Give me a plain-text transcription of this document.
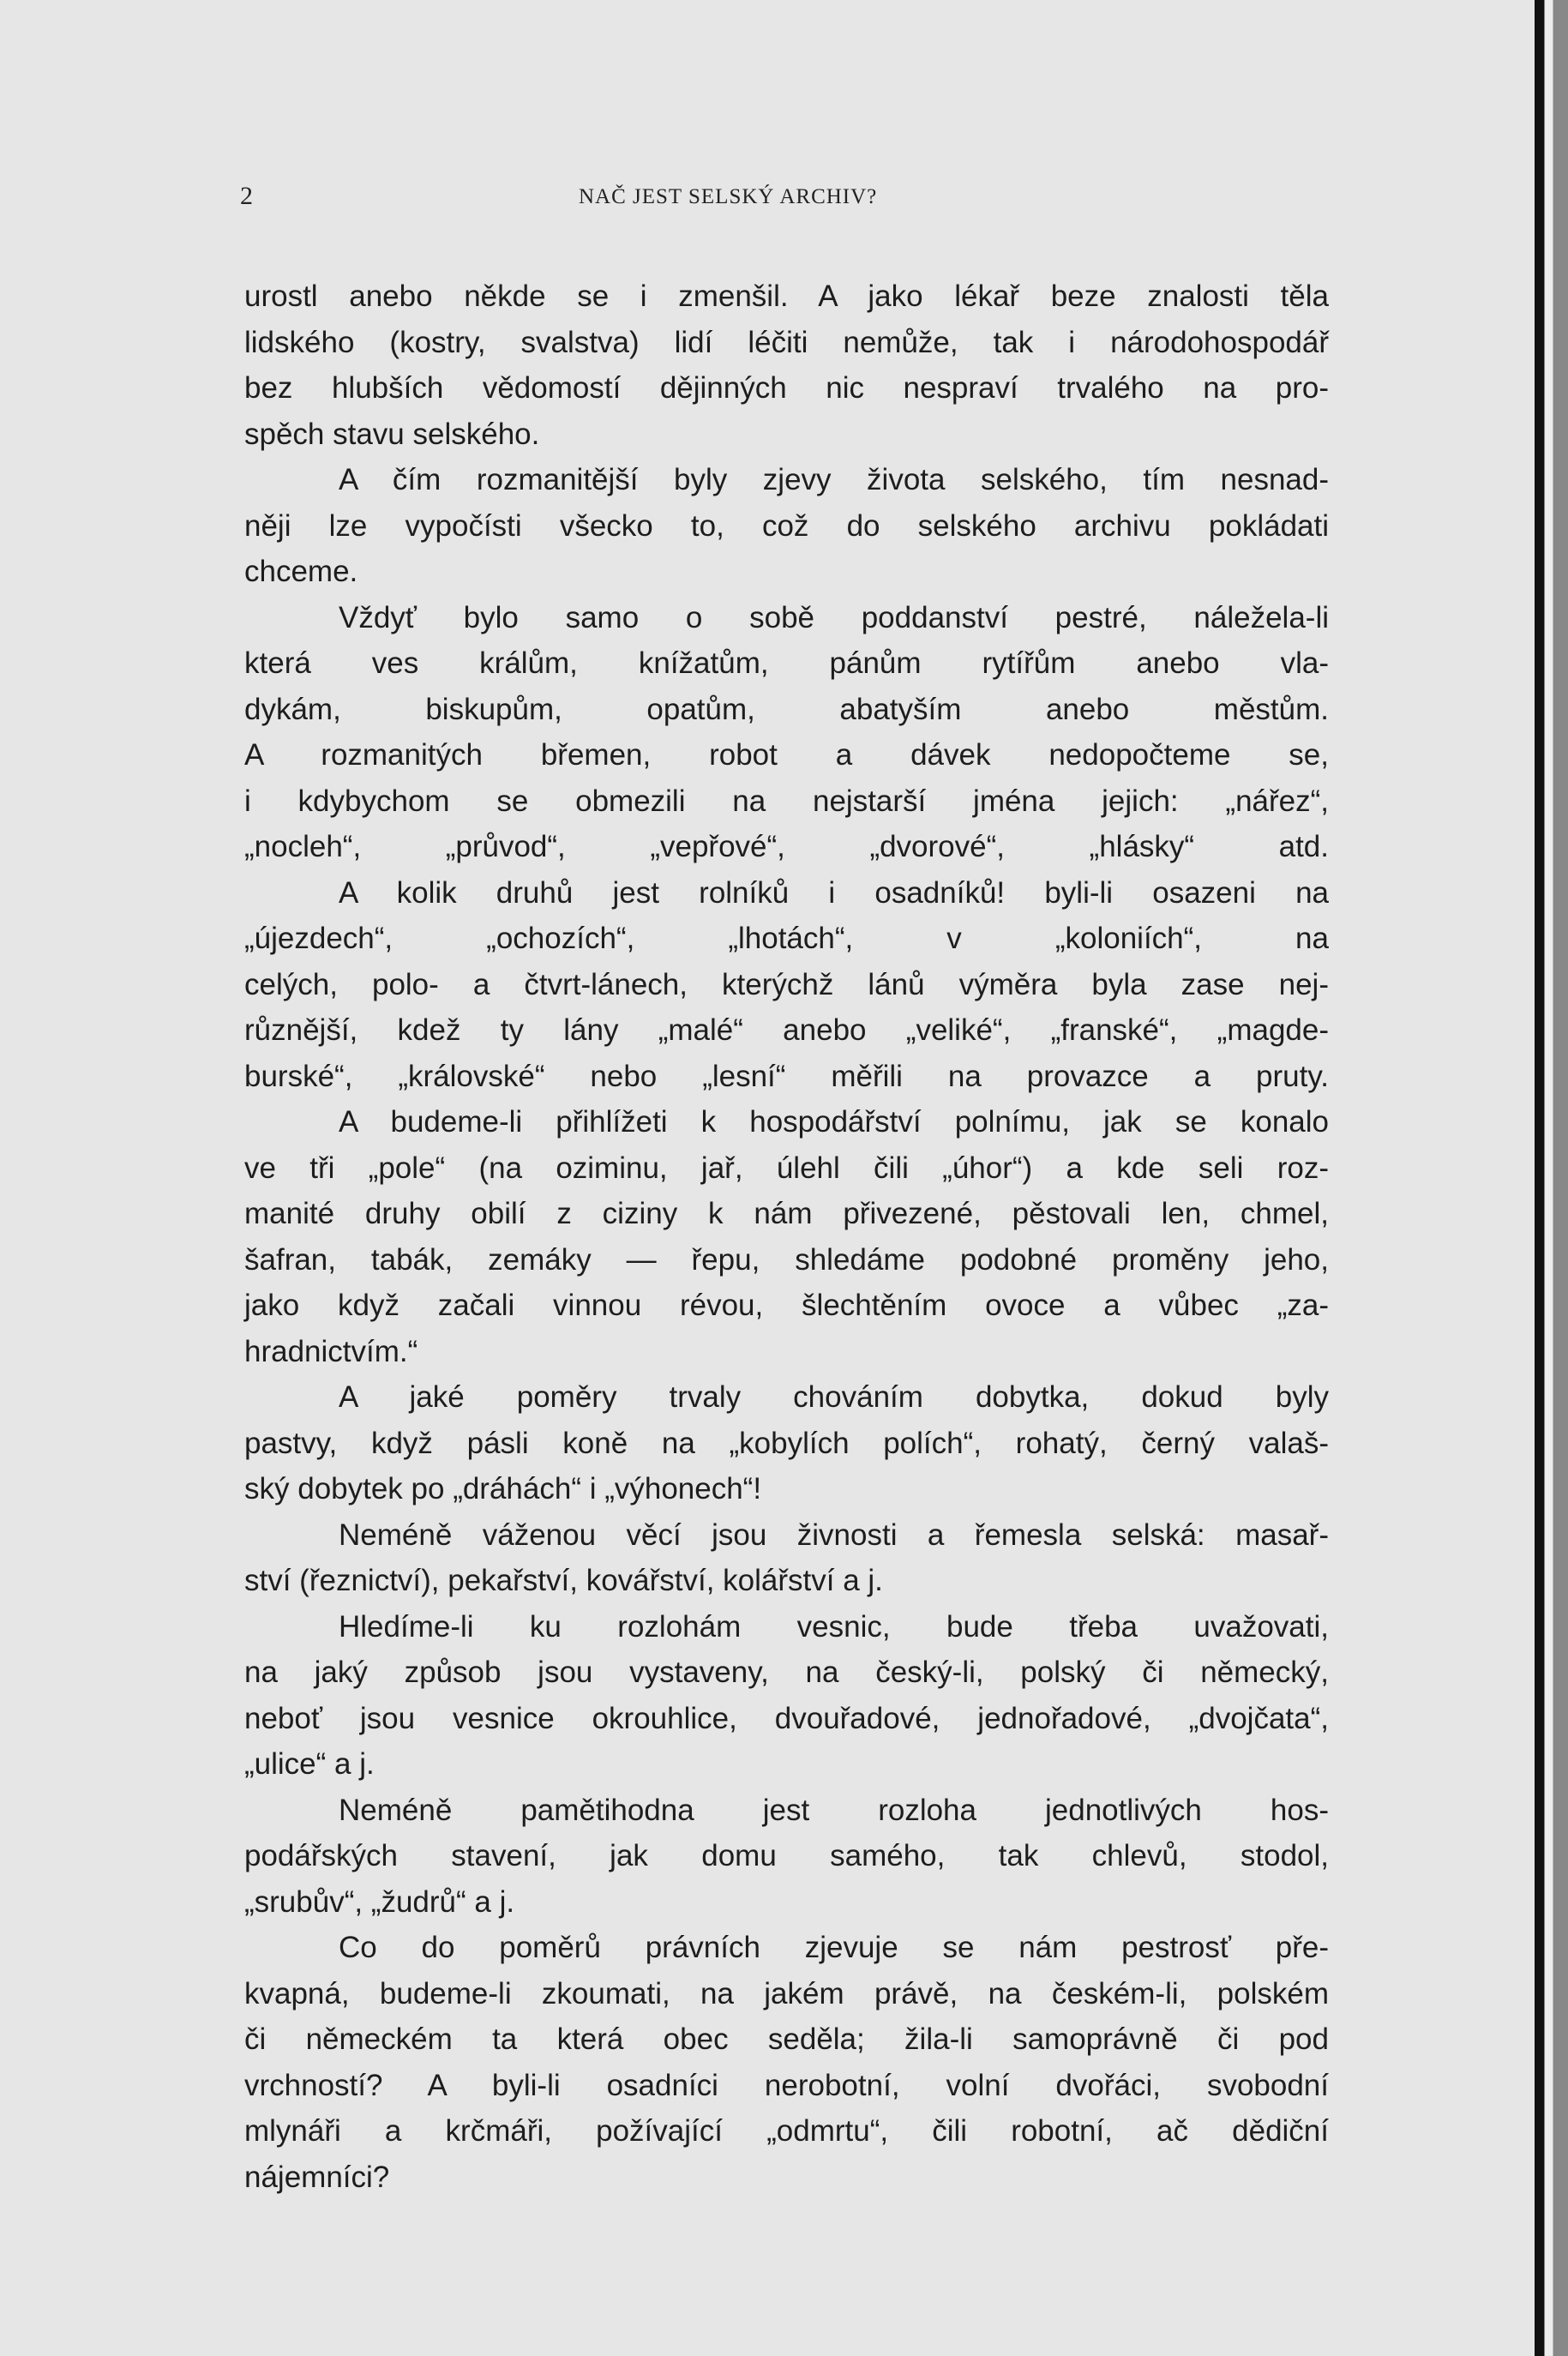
2	NAČ JEST SELSKÝ ARCHIV?
urostl anebo někde se i zmenšil. A jako lékař beze znalosti těla
lidského (kostry, svalstva) lidí léčiti nemůže, tak i národohospodář
bez hlubších vědomostí dějinných nic nespraví trvalého na pro-
spěch stavu selského.
A čím rozmanitější byly zjevy života selského, tím nesnad-
něji lze vypočísti všecko to, což do selského archivu pokládati
chceme.
Vždyť bylo samo o sobě poddanství pestré, náležela-li
která ves králům, knížatům, pánům rytířům anebo vla-
dykám, biskupům, opatům, abatyším anebo městům.
A rozmanitých břemen, robot a dávek nedopočteme se,
i kdybychom se obmezili na nejstarší jména jejich: „nářez“,
„nocleh“, „průvod“, „vepřové“, „dvorové“, „hlásky“ atd.
A kolik druhů jest rolníků i osadníků! byli-li osazeni na
„újezdech“, „ochozích“, „lhotách“, v „koloniích“, na
celých, polo- a čtvrt-lánech, kterýchž lánů výměra byla zase nej-
různější, kdež ty lány „malé“ anebo „veliké“, „franské“, „magde-
burské“, „královské“ nebo „lesní“ měřili na provazce a pruty.
A budeme-li přihlížeti k hospodářství polnímu, jak se konalo
ve tři „pole“ (na oziminu, jař, úlehl čili „úhor“) a kde seli roz-
manité druhy obilí z ciziny k nám přivezené, pěstovali len, chmel,
šafran, tabák, zemáky — řepu, shledáme podobné proměny jeho,
jako když začali vinnou révou, šlechtěním ovoce a vůbec „za-
hradnictvím.“
A jaké poměry trvaly chováním dobytka, dokud byly
pastvy, když pásli koně na „kobylích polích“, rohatý, černý valaš-
ský dobytek po „dráhách“ i „výhonech“!
Neméně váženou věcí jsou živnosti a řemesla selská: masař-
ství (řeznictví), pekařství, kovářství, kolářství a j.
Hledíme-li ku rozlohám vesnic, bude třeba uvažovati,
na jaký způsob jsou vystaveny, na český-li, polský či německý,
neboť jsou vesnice okrouhlice, dvouřadové, jednořadové, „dvojčata“,
„ulice“ a j.
Neméně pamětihodna jest rozloha jednotlivých hos-
podářských stavení, jak domu samého, tak chlevů, stodol,
„srubův“, „žudrů“ a j.
Co do poměrů právních zjevuje se nám pestrosť pře-
kvapná, budeme-li zkoumati, na jakém právě, na českém-li, polském
či německém ta která obec seděla; žila-li samoprávně či pod
vrchností? A byli-li osadníci nerobotní, volní dvořáci, svobodní
mlynáři a krčmáři, požívající „odmrtu“, čili robotní, ač dědiční
nájemníci?
